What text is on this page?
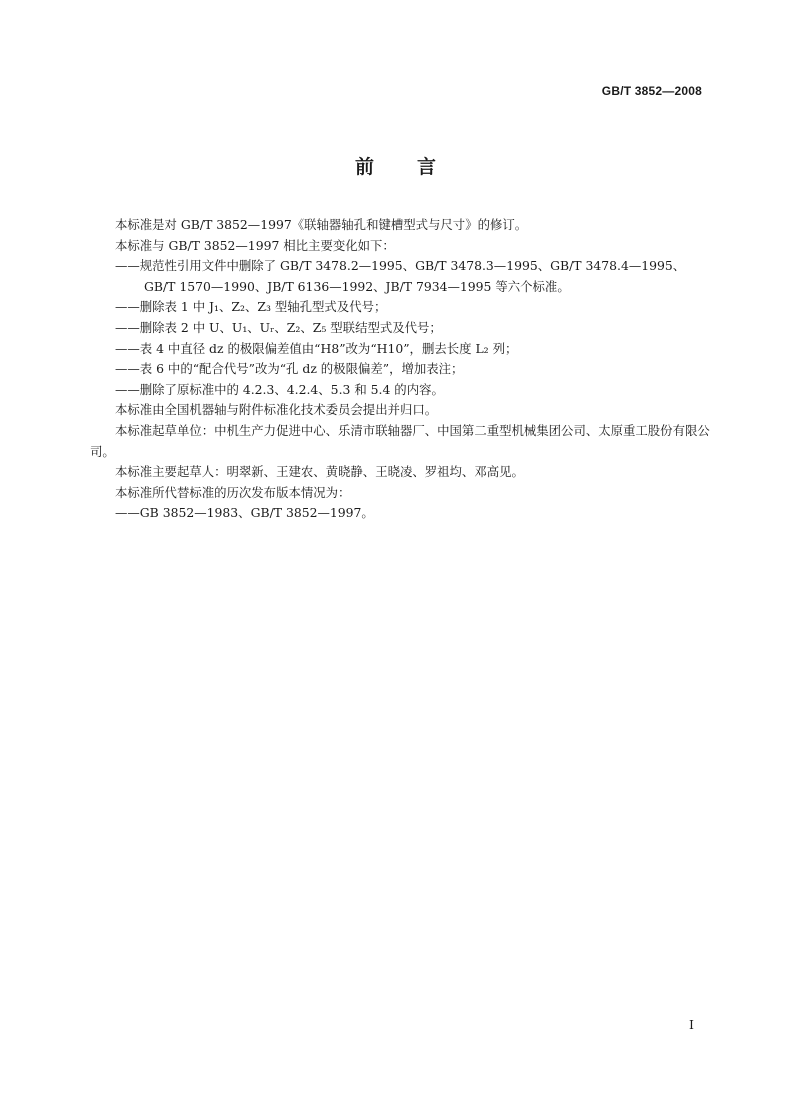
GB/T 3852—2008
前 言
本标准是对 GB/T 3852—1997《联轴器轴孔和键槽型式与尺寸》的修订。
本标准与 GB/T 3852—1997 相比主要变化如下：
——规范性引用文件中删除了 GB/T 3478.2—1995、GB/T 3478.3—1995、GB/T 3478.4—1995、
GB/T 1570—1990、JB/T 6136—1992、JB/T 7934—1995 等六个标准。
——删除表 1 中 J₁、Z₂、Z₃ 型轴孔型式及代号；
——删除表 2 中 U、U₁、Uᵣ、Z₂、Z₅ 型联结型式及代号；
——表 4 中直径 dz 的极限偏差值由“H8”改为“H10”，删去长度 L₂ 列；
——表 6 中的“配合代号”改为“孔 dz 的极限偏差”，增加表注；
——删除了原标准中的 4.2.3、4.2.4、5.3 和 5.4 的内容。
本标准由全国机器轴与附件标准化技术委员会提出并归口。
本标准起草单位：中机生产力促进中心、乐清市联轴器厂、中国第二重型机械集团公司、太原重工股份有限公司。
本标准主要起草人：明翠新、王建农、黄晓静、王晓凌、罗祖均、邓高见。
本标准所代替标准的历次发布版本情况为：
——GB 3852—1983、GB/T 3852—1997。
I
